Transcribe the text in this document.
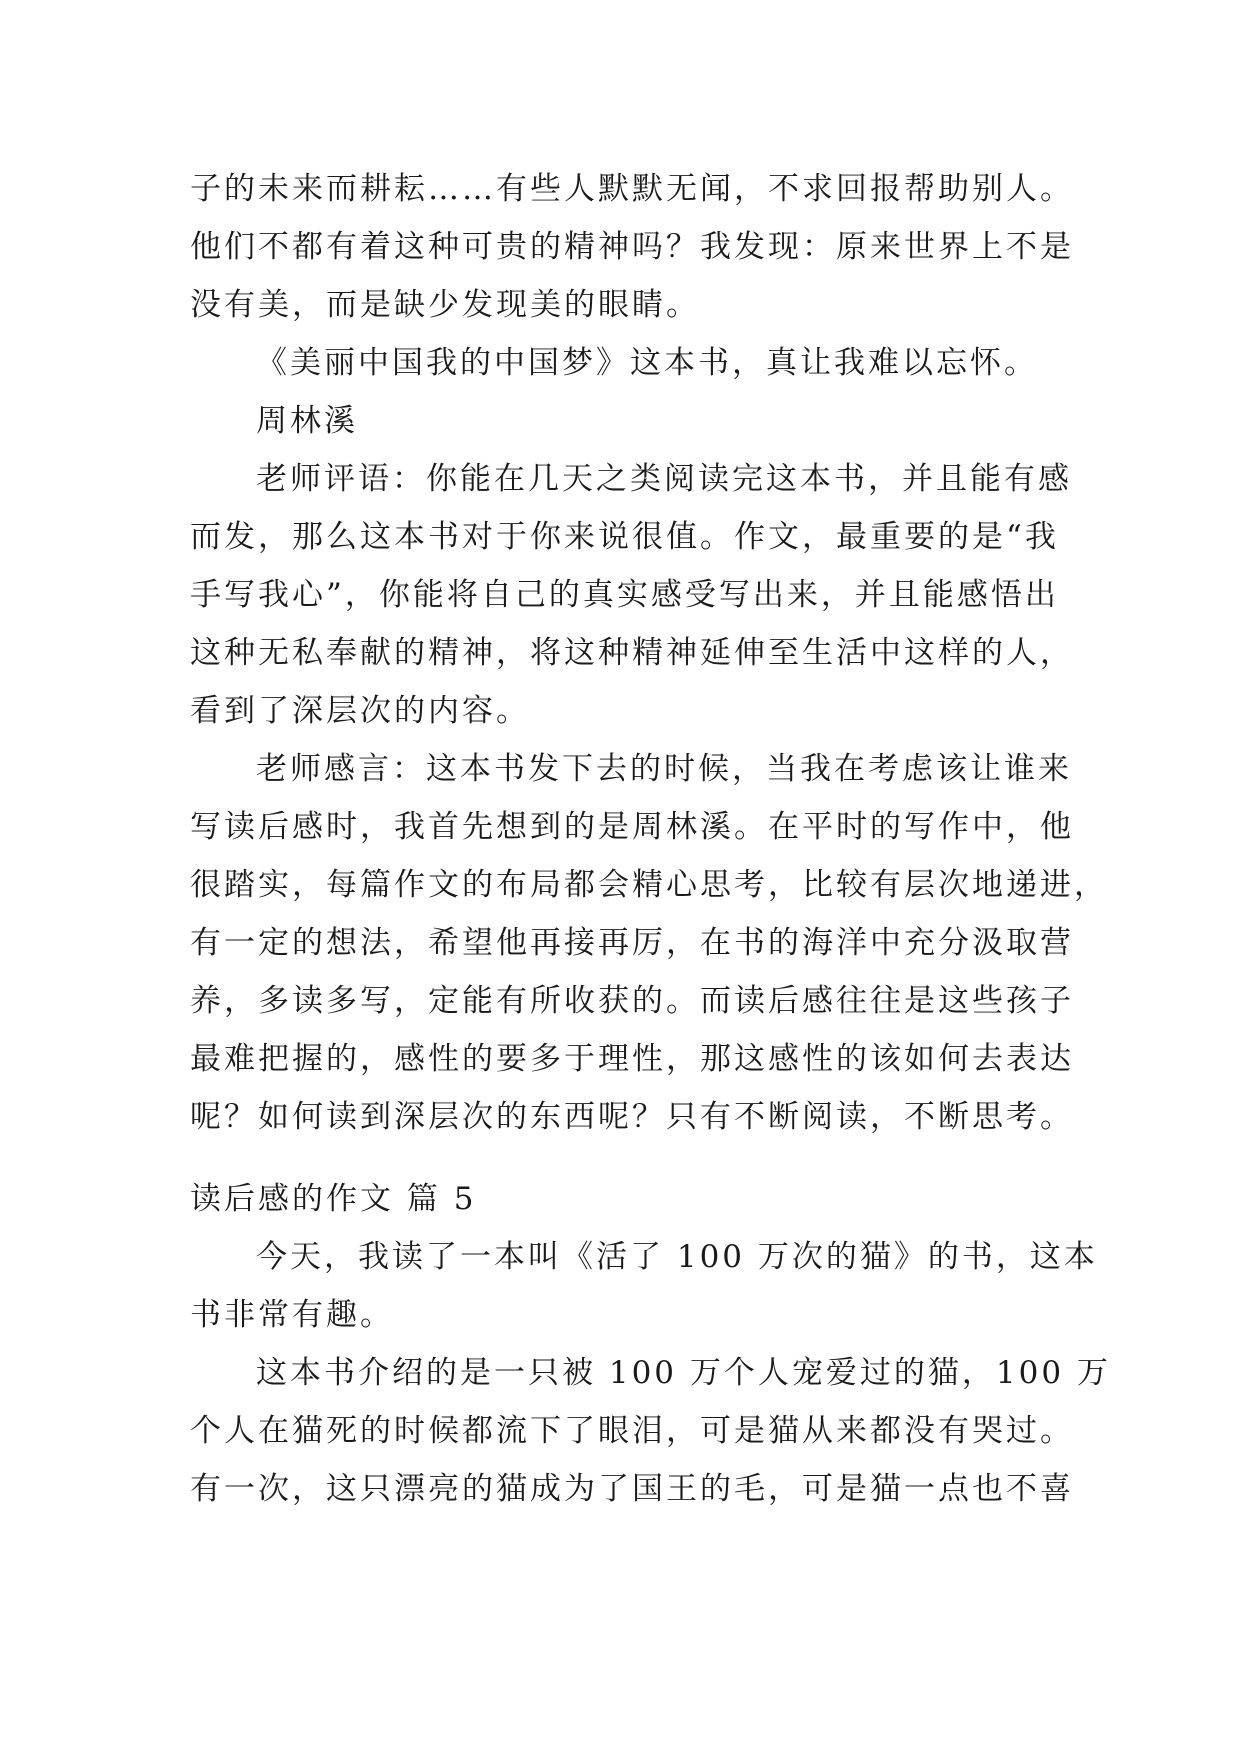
子的未来而耕耘……有些人默默无闻，不求回报帮助别人。
他们不都有着这种可贵的精神吗？我发现：原来世界上不是
没有美，而是缺少发现美的眼睛。
《美丽中国我的中国梦》这本书，真让我难以忘怀。
周林溪
老师评语：你能在几天之类阅读完这本书，并且能有感
而发，那么这本书对于你来说很值。作文，最重要的是“我
手写我心”，你能将自己的真实感受写出来，并且能感悟出
这种无私奉献的精神，将这种精神延伸至生活中这样的人，
看到了深层次的内容。
老师感言：这本书发下去的时候，当我在考虑该让谁来
写读后感时，我首先想到的是周林溪。在平时的写作中，他
很踏实，每篇作文的布局都会精心思考，比较有层次地递进，
有一定的想法，希望他再接再厉，在书的海洋中充分汲取营
养，多读多写，定能有所收获的。而读后感往往是这些孩子
最难把握的，感性的要多于理性，那这感性的该如何去表达
呢？如何读到深层次的东西呢？只有不断阅读，不断思考。
读后感的作文 篇 5
今天，我读了一本叫《活了 100 万次的猫》的书，这本
书非常有趣。
这本书介绍的是一只被 100 万个人宠爱过的猫，100 万
个人在猫死的时候都流下了眼泪，可是猫从来都没有哭过。
有一次，这只漂亮的猫成为了国王的毛，可是猫一点也不喜
